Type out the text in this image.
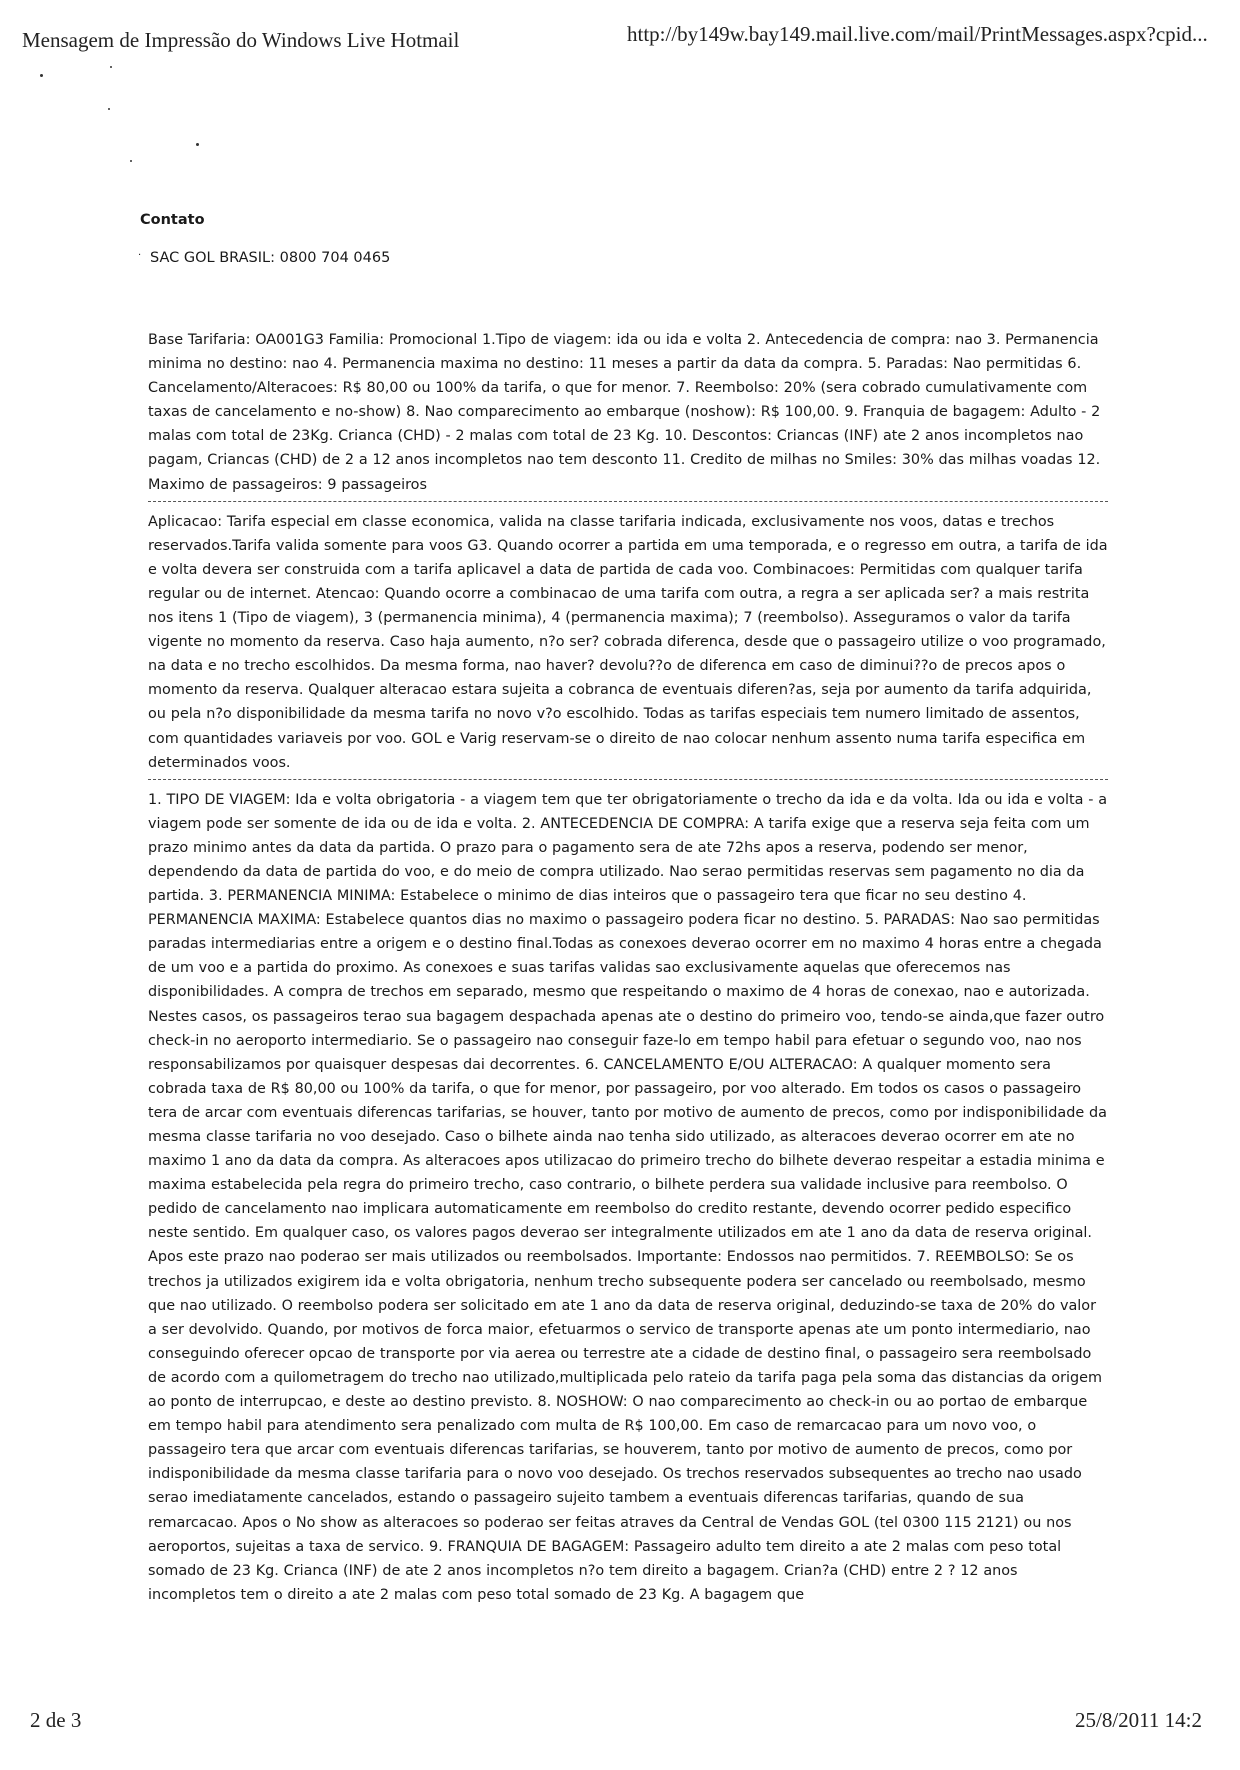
Mensagem de Impressão do Windows Live Hotmail	http://by149w.bay149.mail.live.com/mail/PrintMessages.aspx?cpid...
Contato
· SAC GOL BRASIL: 0800 704 0465

Base Tarifaria: OA001G3 Familia: Promocional 1.Tipo de viagem: ida ou ida e volta 2. Antecedencia de compra: nao 3. Permanencia minima no destino: nao 4. Permanencia maxima no destino: 11 meses a partir da data da compra. 5. Paradas: Nao permitidas 6. Cancelamento/Alteracoes: R$ 80,00 ou 100% da tarifa, o que for menor. 7. Reembolso: 20% (sera cobrado cumulativamente com taxas de cancelamento e no-show) 8. Nao comparecimento ao embarque (noshow): R$ 100,00. 9. Franquia de bagagem: Adulto - 2 malas com total de 23Kg. Crianca (CHD) - 2 malas com total de 23 Kg. 10. Descontos: Criancas (INF) ate 2 anos incompletos nao pagam, Criancas (CHD) de 2 a 12 anos incompletos nao tem desconto 11. Credito de milhas no Smiles: 30% das milhas voadas 12. Maximo de passageiros: 9 passageiros

Aplicacao: Tarifa especial em classe economica, valida na classe tarifaria indicada, exclusivamente nos voos, datas e trechos reservados.Tarifa valida somente para voos G3. Quando ocorrer a partida em uma temporada, e o regresso em outra, a tarifa de ida e volta devera ser construida com a tarifa aplicavel a data de partida de cada voo. Combinacoes: Permitidas com qualquer tarifa regular ou de internet. Atencao: Quando ocorre a combinacao de uma tarifa com outra, a regra a ser aplicada ser? a mais restrita nos itens 1 (Tipo de viagem), 3 (permanencia minima), 4 (permanencia maxima); 7 (reembolso). Asseguramos o valor da tarifa vigente no momento da reserva. Caso haja aumento, n?o ser? cobrada diferenca, desde que o passageiro utilize o voo programado, na data e no trecho escolhidos. Da mesma forma, nao haver? devolu??o de diferenca em caso de diminui??o de precos apos o momento da reserva. Qualquer alteracao estara sujeita a cobranca de eventuais diferen?as, seja por aumento da tarifa adquirida, ou pela n?o disponibilidade da mesma tarifa no novo v?o escolhido. Todas as tarifas especiais tem numero limitado de assentos, com quantidades variaveis por voo. GOL e Varig reservam-se o direito de nao colocar nenhum assento numa tarifa especifica em determinados voos.

1. TIPO DE VIAGEM: Ida e volta obrigatoria - a viagem tem que ter obrigatoriamente o trecho da ida e da volta. Ida ou ida e volta - a viagem pode ser somente de ida ou de ida e volta. 2. ANTECEDENCIA DE COMPRA: A tarifa exige que a reserva seja feita com um prazo minimo antes da data da partida. O prazo para o pagamento sera de ate 72hs apos a reserva, podendo ser menor, dependendo da data de partida do voo, e do meio de compra utilizado. Nao serao permitidas reservas sem pagamento no dia da partida. 3. PERMANENCIA MINIMA: Estabelece o minimo de dias inteiros que o passageiro tera que ficar no seu destino 4. PERMANENCIA MAXIMA: Estabelece quantos dias no maximo o passageiro podera ficar no destino. 5. PARADAS: Nao sao permitidas paradas intermediarias entre a origem e o destino final.Todas as conexoes deverao ocorrer em no maximo 4 horas entre a chegada de um voo e a partida do proximo. As conexoes e suas tarifas validas sao exclusivamente aquelas que oferecemos nas disponibilidades. A compra de trechos em separado, mesmo que respeitando o maximo de 4 horas de conexao, nao e autorizada. Nestes casos, os passageiros terao sua bagagem despachada apenas ate o destino do primeiro voo, tendo-se ainda,que fazer outro check-in no aeroporto intermediario. Se o passageiro nao conseguir faze-lo em tempo habil para efetuar o segundo voo, nao nos responsabilizamos por quaisquer despesas dai decorrentes. 6. CANCELAMENTO E/OU ALTERACAO: A qualquer momento sera cobrada taxa de R$ 80,00 ou 100% da tarifa, o que for menor, por passageiro, por voo alterado. Em todos os casos o passageiro tera de arcar com eventuais diferencas tarifarias, se houver, tanto por motivo de aumento de precos, como por indisponibilidade da mesma classe tarifaria no voo desejado. Caso o bilhete ainda nao tenha sido utilizado, as alteracoes deverao ocorrer em ate no maximo 1 ano da data da compra. As alteracoes apos utilizacao do primeiro trecho do bilhete deverao respeitar a estadia minima e maxima estabelecida pela regra do primeiro trecho, caso contrario, o bilhete perdera sua validade inclusive para reembolso. O pedido de cancelamento nao implicara automaticamente em reembolso do credito restante, devendo ocorrer pedido especifico neste sentido. Em qualquer caso, os valores pagos deverao ser integralmente utilizados em ate 1 ano da data de reserva original. Apos este prazo nao poderao ser mais utilizados ou reembolsados. Importante: Endossos nao permitidos. 7. REEMBOLSO: Se os trechos ja utilizados exigirem ida e volta obrigatoria, nenhum trecho subsequente podera ser cancelado ou reembolsado, mesmo que nao utilizado. O reembolso podera ser solicitado em ate 1 ano da data de reserva original, deduzindo-se taxa de 20% do valor a ser devolvido. Quando, por motivos de forca maior, efetuarmos o servico de transporte apenas ate um ponto intermediario, nao conseguindo oferecer opcao de transporte por via aerea ou terrestre ate a cidade de destino final, o passageiro sera reembolsado de acordo com a quilometragem do trecho nao utilizado,multiplicada pelo rateio da tarifa paga pela soma das distancias da origem ao ponto de interrupcao, e deste ao destino previsto. 8. NOSHOW: O nao comparecimento ao check-in ou ao portao de embarque em tempo habil para atendimento sera penalizado com multa de R$ 100,00. Em caso de remarcacao para um novo voo, o passageiro tera que arcar com eventuais diferencas tarifarias, se houverem, tanto por motivo de aumento de precos, como por indisponibilidade da mesma classe tarifaria para o novo voo desejado. Os trechos reservados subsequentes ao trecho nao usado serao imediatamente cancelados, estando o passageiro sujeito tambem a eventuais diferencas tarifarias, quando de sua remarcacao. Apos o No show as alteracoes so poderao ser feitas atraves da Central de Vendas GOL (tel 0300 115 2121) ou nos aeroportos, sujeitas a taxa de servico. 9. FRANQUIA DE BAGAGEM: Passageiro adulto tem direito a ate 2 malas com peso total somado de 23 Kg. Crianca (INF) de ate 2 anos incompletos n?o tem direito a bagagem. Crian?a (CHD) entre 2 ? 12 anos incompletos tem o direito a ate 2 malas com peso total somado de 23 Kg. A bagagem que

2 de 3	25/8/2011 14:2
